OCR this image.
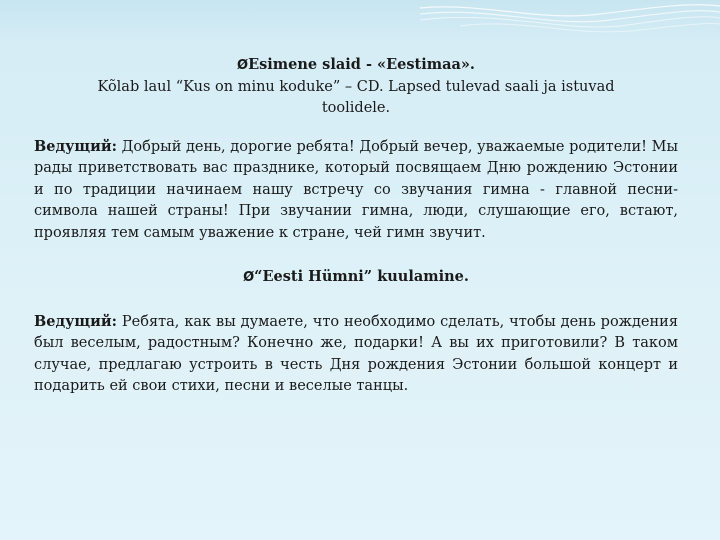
ØEsimene slaid - «Eestimaa».
Kõlab laul “Kus on minu koduke” – CD. Lapsed tulevad saali ja istuvad
toolidele.
Ведущий: Добрый день, дорогие ребята! Добрый вечер, уважаемые родители! Мы рады приветствовать вас празднике, который посвящаем Дню рождению Эстонии и по традиции начинаем нашу встречу со звучания гимна - главной песни-символа нашей страны! При звучании гимна, люди, слушающие его, встают, проявляя тем самым уважение к стране, чей гимн звучит.
Ø“Eesti Hümni” kuulamine.
Ведущий: Ребята, как вы думаете, что необходимо сделать, чтобы день рождения был веселым, радостным? Конечно же, подарки! А вы их приготовили? В таком случае, предлагаю устроить в честь Дня рождения Эстонии большой концерт и подарить ей свои стихи, песни и веселые танцы.
